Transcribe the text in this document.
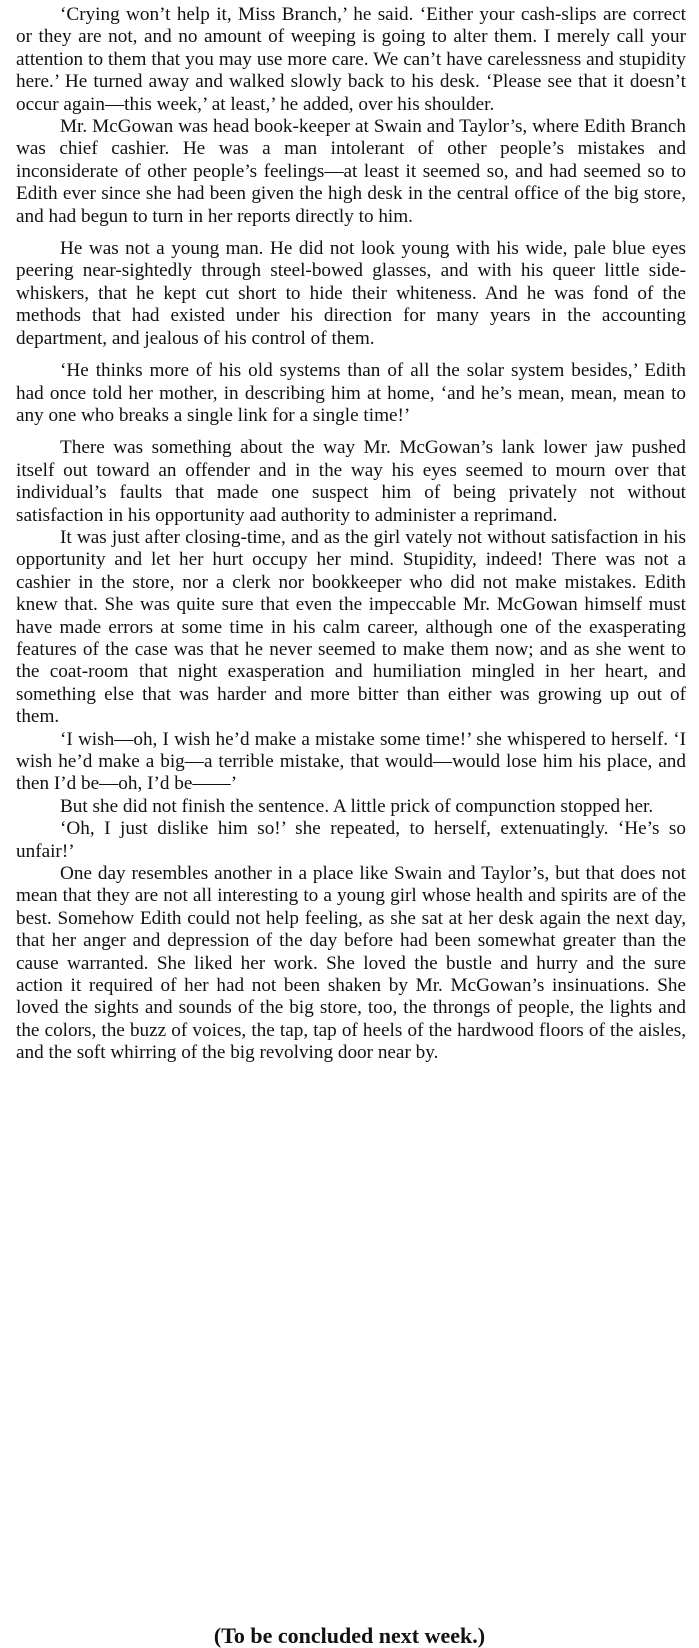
‘Crying won’t help it, Miss Branch,’ he said. ‘Either your cash-slips are correct or they are not, and no amount of weeping is going to alter them. I merely call your attention to them that you may use more care. We can’t have carelessness and stupidity here.’ He turned away and walked slowly back to his desk. ‘Please see that it doesn’t occur again—this week,’ at least,’ he added, over his shoulder.

Mr. McGowan was head book-keeper at Swain and Taylor’s, where Edith Branch was chief cashier. He was a man intolerant of other people’s mistakes and inconsiderate of other people’s feelings—at least it seemed so, and had seemed so to Edith ever since she had been given the high desk in the central office of the big store, and had begun to turn in her reports directly to him.

He was not a young man. He did not look young with his wide, pale blue eyes peering near-sightedly through steel-bowed glasses, and with his queer little side-whiskers, that he kept cut short to hide their whiteness. And he was fond of the methods that had existed under his direction for many years in the accounting department, and jealous of his control of them.

‘He thinks more of his old systems than of all the solar system besides,’ Edith had once told her mother, in describing him at home, ‘and he’s mean, mean, mean to any one who breaks a single link for a single time!’

There was something about the way Mr. McGowan’s lank lower jaw pushed itself out toward an offender and in the way his eyes seemed to mourn over that individual’s faults that made one suspect him of being privately not without satisfaction in his opportunity aad authority to administer a reprimand.

It was just after closing-time, and as the girl vately not without satisfaction in his opportunity and let her hurt occupy her mind. Stupidity, indeed! There was not a cashier in the store, nor a clerk nor bookkeeper who did not make mistakes. Edith knew that. She was quite sure that even the impeccable Mr. McGowan himself must have made errors at some time in his calm career, although one of the exasperating features of the case was that he never seemed to make them now; and as she went to the coat-room that night exasperation and humiliation mingled in her heart, and something else that was harder and more bitter than either was growing up out of them.

‘I wish—oh, I wish he’d make a mistake some time!’ she whispered to herself. ‘I wish he’d make a big—a terrible mistake, that would—would lose him his place, and then I’d be—oh, I’d be——’

But she did not finish the sentence. A little prick of compunction stopped her.

‘Oh, I just dislike him so!’ she repeated, to herself, extenuatingly. ‘He’s so unfair!’

One day resembles another in a place like Swain and Taylor’s, but that does not mean that they are not all interesting to a young girl whose health and spirits are of the best. Somehow Edith could not help feeling, as she sat at her desk again the next day, that her anger and depression of the day before had been somewhat greater than the cause warranted. She liked her work. She loved the bustle and hurry and the sure action it required of her had not been shaken by Mr. McGowan’s insinuations. She loved the sights and sounds of the big store, too, the throngs of people, the lights and the colors, the buzz of voices, the tap, tap of heels of the hardwood floors of the aisles, and the soft whirring of the big revolving door near by.

(To be concluded next week.)
